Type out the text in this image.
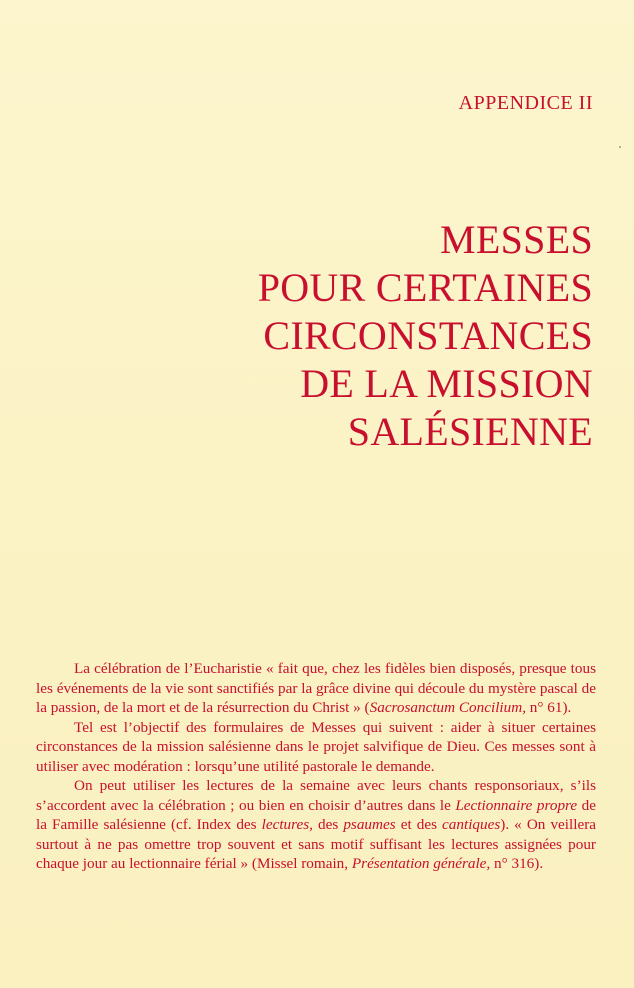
APPENDICE II
MESSES
POUR CERTAINES
CIRCONSTANCES
DE LA MISSION
SALÉSIENNE

La célébration de l’Eucharistie « fait que, chez les fidèles bien disposés, presque tous les événements de la vie sont sanctifiés par la grâce divine qui découle du mystère pascal de la passion, de la mort et de la résurrection du Christ » (Sacrosanctum Concilium, n° 61).

Tel est l’objectif des formulaires de Messes qui suivent : aider à situer certaines circonstances de la mission salésienne dans le projet salvifique de Dieu. Ces messes sont à utiliser avec modération : lorsqu’une utilité pastorale le demande.

On peut utiliser les lectures de la semaine avec leurs chants responsoriaux, s’ils s’accordent avec la célébration ; ou bien en choisir d’autres dans le Lectionnaire propre de la Famille salésienne (cf. Index des lectures, des psaumes et des cantiques). « On veillera surtout à ne pas omettre trop souvent et sans motif suffisant les lectures assignées pour chaque jour au lectionnaire férial » (Missel romain, Présentation générale, n° 316).
